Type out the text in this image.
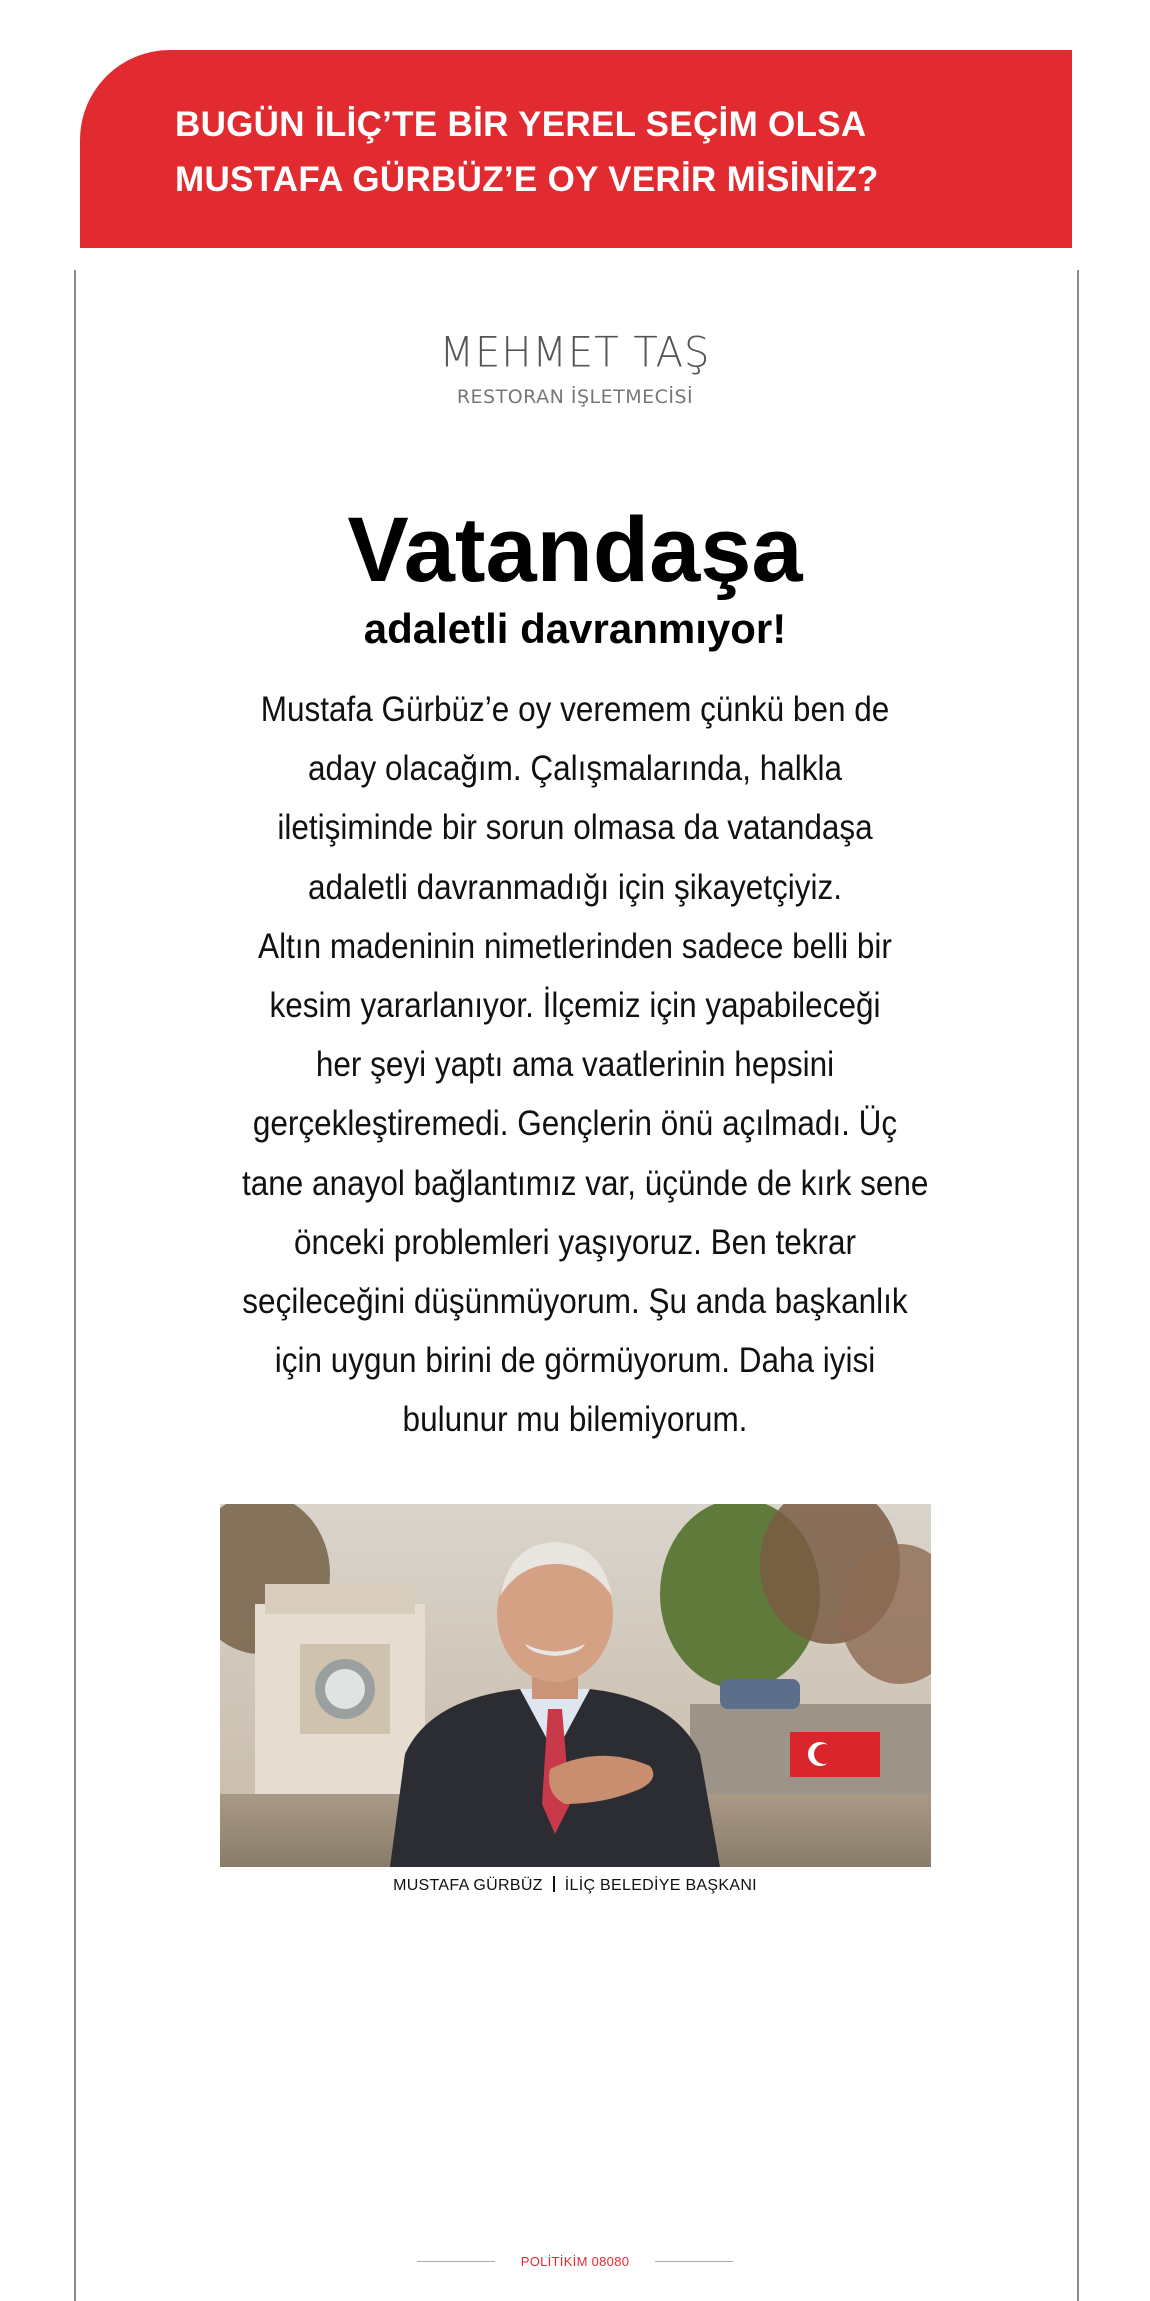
BUGÜN İLİÇ’TE BİR YEREL SEÇİM OLSA
MUSTAFA GÜRBÜZ’E OY VERİR MİSİNİZ?
MEHMET TAŞ
RESTORAN İŞLETMECİSİ
Vatandaşa
adaletli davranmıyor!
Mustafa Gürbüz’e oy veremem çünkü ben de
aday olacağım. Çalışmalarında, halkla
iletişiminde bir sorun olmasa da vatandaşa
adaletli davranmadığı için şikayetçiyiz.
Altın madeninin nimetlerinden sadece belli bir
kesim yararlanıyor. İlçemiz için yapabileceği
her şeyi yaptı ama vaatlerinin hepsini
gerçekleştiremedi. Gençlerin önü açılmadı. Üç
tane anayol bağlantımız var, üçünde de kırk sene
önceki problemleri yaşıyoruz. Ben tekrar
seçileceğini düşünmüyorum. Şu anda başkanlık
için uygun birini de görmüyorum. Daha iyisi
bulunur mu bilemiyorum.
MUSTAFA GÜRBÜZ İLİÇ BELEDİYE BAŞKANI
POLİTİKİM 08080
